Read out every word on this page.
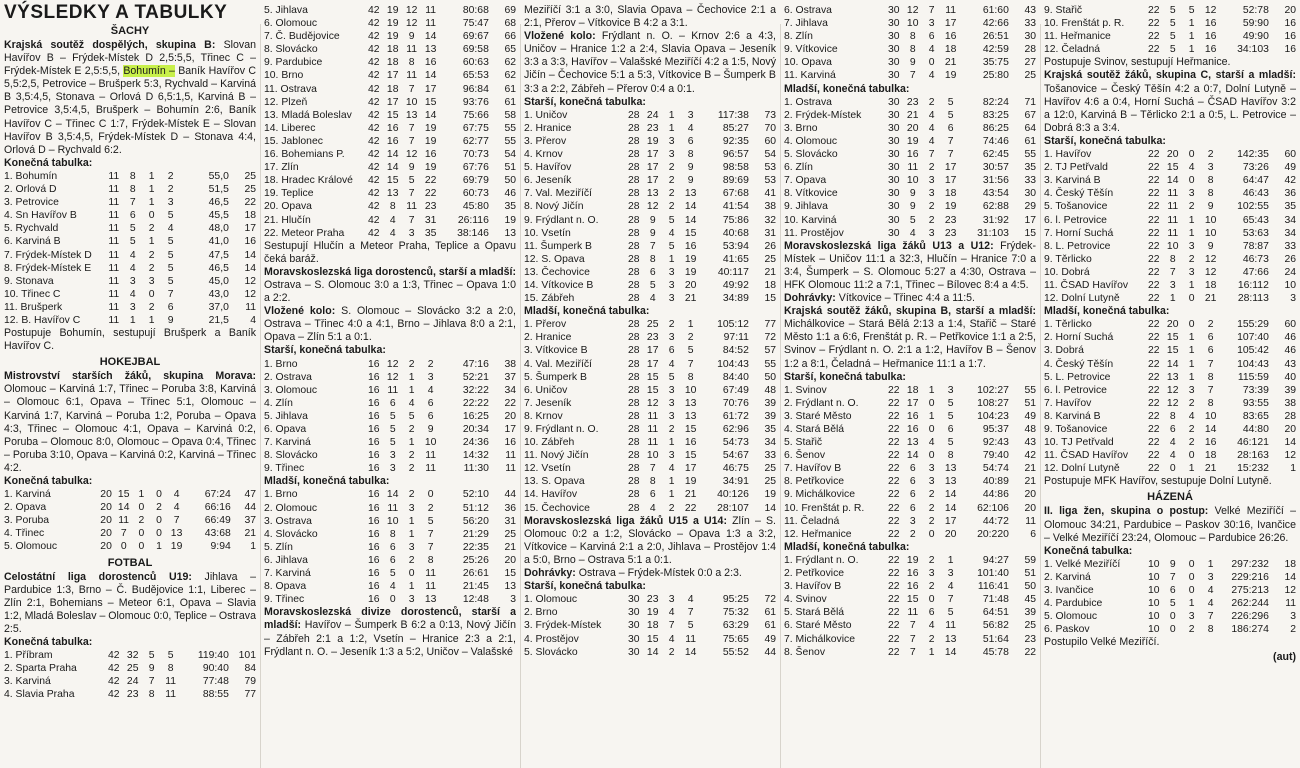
VÝSLEDKY A TABULKY
ŠACHY

Krajská soutěž dospělých, skupina B: Slovan Havířov B – Frýdek-Místek D 2,5:5,5, Třinec C – Frýdek-Místek E 2,5:5,5, Bohumín – Baník Havířov C 5,5:2,5, Petrovice – Brušperk 5:3, Rychvald – Karviná B 3,5:4,5, Stonava – Orlová D 6,5:1,5, Karviná B – Petrovice 3,5:4,5, Brušperk – Bohumín 2:6, Baník Havířov C – Třinec C 1:7, Frýdek-Místek E – Slovan Havířov B 3,5:4,5, Frýdek-Místek D – Stonava 4:4, Orlová D – Rychvald 6:2.

Konečná tabulka:

1. Bohumín	11	8	1	2	55,0	25
2. Orlová D	11	8	1	2	51,5	25
3. Petrovice	11	7	1	3	46,5	22
4. Sn Havířov B	11	6	0	5	45,5	18
5. Rychvald	11	5	2	4	48,0	17
6. Karviná B	11	5	1	5	41,0	16
7. Frýdek-Místek D	11	4	2	5	47,5	14
8. Frýdek-Místek E	11	4	2	5	46,5	14
9. Stonava	11	3	3	5	45,0	12
10. Třinec C	11	4	0	7	43,0	12
11. Brušperk	11	3	2	6	37,0	11
12. B. Havířov C	11	1	1	9	21,5	4

Postupuje Bohumín, sestupují Brušperk a Baník Havířov C.

HOKEJBAL

Mistrovství starších žáků, skupina Morava: Olomouc – Karviná 1:7, Třinec – Poruba 3:8, Karviná – Olomouc 6:1, Opava – Třinec 5:1, Olomouc – Karviná 1:7, Karviná – Poruba 1:2, Poruba – Opava 4:3, Třinec – Olomouc 4:1, Opava – Karviná 0:2, Poruba – Olomouc 8:0, Olomouc – Opava 0:4, Třinec – Poruba 3:10, Opava – Karviná 0:2, Karviná – Třinec 4:2.

Konečná tabulka:

1. Karviná	20	15	1	0	4	67:24	47
2. Opava	20	14	0	2	4	66:16	44
3. Poruba	20	11	2	0	7	66:49	37
4. Třinec	20	7	0	0	13	43:68	21
5. Olomouc	20	0	0	1	19	9:94	1
FOTBAL

Celostátní liga dorostenců U19: Jihlava – Pardubice 1:3, Brno – Č. Budějovice 1:1, Liberec – Zlín 2:1, Bohemians – Meteor 6:1, Opava – Slavia 1:2, Mladá Boleslav – Olomouc 0:0, Teplice – Ostrava 2:5.

Konečná tabulka:

1. Příbram	42	32	5	5	119:40	101
2. Sparta Praha	42	25	9	8	90:40	84
3. Karviná	42	24	7	11	77:48	79
4. Slavia Praha	42	23	8	11	88:55	77
5. Jihlava	42	19	12	11	80:68	69
6. Olomouc	42	19	12	11	75:47	68
7. Č. Budějovice	42	19	9	14	69:67	66
8. Slovácko	42	18	11	13	69:58	65
9. Pardubice	42	18	8	16	60:63	62
10. Brno	42	17	11	14	65:53	62
11. Ostrava	42	18	7	17	96:84	61
12. Plzeň	42	17	10	15	93:76	61
13. Mladá Boleslav	42	15	13	14	75:66	58
14. Liberec	42	16	7	19	67:75	55
15. Jablonec	42	16	7	19	62:77	55
16. Bohemians P.	42	14	12	16	70:73	54
17. Zlín	42	14	9	19	67:76	51
18. Hradec Králové	42	15	5	22	69:79	50
19. Teplice	42	13	7	22	60:73	46
20. Opava	42	8	11	23	45:80	35
21. Hlučín	42	4	7	31	26:116	19
22. Meteor Praha	42	4	3	35	38:146	13

Sestupují Hlučín a Meteor Praha, Teplice a Opavu čeká baráž.

Moravskoslezská liga dorostenců, starší a mladší: Ostrava – S. Olomouc 3:0 a 1:3, Třinec – Opava 1:0 a 2:2.

Vložené kolo: S. Olomouc – Slovácko 3:2 a 2:0, Ostrava – Třinec 4:0 a 4:1, Brno – Jihlava 8:0 a 2:1, Opava – Zlín 5:1 a 0:1.

Starší, konečná tabulka:

1. Brno	16	12	2	2	47:16	38
2. Ostrava	16	12	1	3	52:21	37
3. Olomouc	16	11	1	4	32:22	34
4. Zlín	16	6	4	6	22:22	22
5. Jihlava	16	5	5	6	16:25	20
6. Opava	16	5	2	9	20:34	17
7. Karviná	16	5	1	10	24:36	16
8. Slovácko	16	3	2	11	14:32	11
9. Třinec	16	3	2	11	11:30	11

Mladší, konečná tabulka:

1. Brno	16	14	2	0	52:10	44
2. Olomouc	16	11	3	2	51:12	36
3. Ostrava	16	10	1	5	56:20	31
4. Slovácko	16	8	1	7	21:29	25
5. Zlín	16	6	3	7	22:35	21
6. Jihlava	16	6	2	8	25:26	20
7. Karviná	16	5	0	11	26:61	15
8. Opava	16	4	1	11	21:45	13
9. Třinec	16	0	3	13	12:48	3

Moravskoslezská divize dorostenců, starší a mladší: Havířov – Šumperk B 6:2 a 0:13, Nový Jičín – Zábřeh 2:1 a 1:2, Vsetín – Hranice 2:3 a 2:1, Frýdlant n. O. – Jeseník 1:3 a 5:2, Uničov – Valašské

Meziříčí 3:1 a 3:0, Slavia Opava – Čechovice 2:1 a 2:1, Přerov – Vítkovice B 4:2 a 3:1.

Vložené kolo: Frýdlant n. O. – Krnov 2:6 a 4:3, Uničov – Hranice 1:2 a 2:4, Slavia Opava – Jeseník 3:3 a 3:3, Havířov – Valašské Meziříčí 4:2 a 1:5, Nový Jičín – Čechovice 5:1 a 5:3, Vítkovice B – Šumperk B 3:3 a 2:2, Zábřeh – Přerov 0:4 a 0:1.

Starší, konečná tabulka:

1. Uničov	28	24	1	3	117:38	73
2. Hranice	28	23	1	4	85:27	70
3. Přerov	28	19	3	6	92:35	60
4. Krnov	28	17	3	8	96:57	54
5. Havířov	28	17	2	9	98:58	53
6. Jeseník	28	17	2	9	89:69	53
7. Val. Meziříčí	28	13	2	13	67:68	41
8. Nový Jičín	28	12	2	14	41:54	38
9. Frýdlant n. O.	28	9	5	14	75:86	32
10. Vsetín	28	9	4	15	40:68	31
11. Šumperk B	28	7	5	16	53:94	26
12. S. Opava	28	8	1	19	41:65	25
13. Čechovice	28	6	3	19	40:117	21
14. Vítkovice B	28	5	3	20	49:92	18
15. Zábřeh	28	4	3	21	34:89	15

Mladší, konečná tabulka:

1. Přerov	28	25	2	1	105:12	77
2. Hranice	28	23	3	2	97:11	72
3. Vítkovice B	28	17	6	5	84:52	57
4. Val. Meziříčí	28	17	4	7	104:43	55
5. Šumperk B	28	15	5	8	84:40	50
6. Uničov	28	15	3	10	67:49	48
7. Jeseník	28	12	3	13	70:76	39
8. Krnov	28	11	3	13	61:72	39
9. Frýdlant n. O.	28	11	2	15	62:96	35
10. Zábřeh	28	11	1	16	54:73	34
11. Nový Jičín	28	10	3	15	54:67	33
12. Vsetín	28	7	4	17	46:75	25
13. S. Opava	28	8	1	19	34:91	25
14. Havířov	28	6	1	21	40:126	19
15. Čechovice	28	4	2	22	28:107	14

Moravskoslezská liga žáků U15 a U14: Zlín – S. Olomouc 0:2 a 1:2, Slovácko – Opava 1:3 a 3:2, Vítkovice – Karviná 2:1 a 2:0, Jihlava – Prostějov 1:4 a 5:0, Brno – Ostrava 5:1 a 0:1.

Dohrávky: Ostrava – Frýdek-Místek 0:0 a 2:3.

Starší, konečná tabulka:

1. Olomouc	30	23	3	4	95:25	72
2. Brno	30	19	4	7	75:32	61
3. Frýdek-Místek	30	18	7	5	63:29	61
4. Prostějov	30	15	4	11	75:65	49
5. Slovácko	30	14	2	14	55:52	44
6. Ostrava	30	12	7	11	61:60	43
7. Jihlava	30	10	3	17	42:66	33
8. Zlín	30	8	6	16	26:51	30
9. Vítkovice	30	8	4	18	42:59	28
10. Opava	30	9	0	21	35:75	27
11. Karviná	30	7	4	19	25:80	25

Mladší, konečná tabulka:

1. Ostrava	30	23	2	5	82:24	71
2. Frýdek-Místek	30	21	4	5	83:25	67
3. Brno	30	20	4	6	86:25	64
4. Olomouc	30	19	4	7	74:46	61
5. Slovácko	30	16	7	7	62:45	55
6. Zlín	30	11	2	17	30:57	35
7. Opava	30	10	3	17	31:56	33
8. Vítkovice	30	9	3	18	43:54	30
9. Jihlava	30	9	2	19	62:88	29
10. Karviná	30	5	2	23	31:92	17
11. Prostějov	30	4	3	23	31:103	15

Moravskoslezská liga žáků U13 a U12: Frýdek-Místek – Uničov 11:1 a 32:3, Hlučín – Hranice 7:0 a 3:4, Šumperk – S. Olomouc 5:27 a 4:30, Ostrava – HFK Olomouc 11:2 a 7:1, Třinec – Bílovec 8:4 a 4:5.

Dohrávky: Vítkovice – Třinec 4:4 a 11:5.

Krajská soutěž žáků, skupina B, starší a mladší: Michálkovice – Stará Bělá 2:13 a 1:4, Stařič – Staré Město 1:1 a 6:6, Frenštát p. R. – Petřkovice 1:1 a 2:5, Svinov – Frýdlant n. O. 2:1 a 1:2, Havířov B – Šenov 1:2 a 8:1, Čeladná – Heřmanice 11:1 a 1:7.

Starší, konečná tabulka:

1. Svinov	22	18	1	3	102:27	55
2. Frýdlant n. O.	22	17	0	5	108:27	51
3. Staré Město	22	16	1	5	104:23	49
4. Stará Bělá	22	16	0	6	95:37	48
5. Stařič	22	13	4	5	92:43	43
6. Šenov	22	14	0	8	79:40	42
7. Havířov B	22	6	3	13	54:74	21
8. Petřkovice	22	6	3	13	40:89	21
9. Michálkovice	22	6	2	14	44:86	20
10. Frenštát p. R.	22	6	2	14	62:106	20
11. Čeladná	22	3	2	17	44:72	11
12. Heřmanice	22	2	0	20	20:220	6

Mladší, konečná tabulka:

1. Frýdlant n. O.	22	19	2	1	94:27	59
2. Petřkovice	22	16	3	3	101:40	51
3. Havířov B	22	16	2	4	116:41	50
4. Svinov	22	15	0	7	71:48	45
5. Stará Bělá	22	11	6	5	64:51	39
6. Staré Město	22	7	4	11	56:82	25
7. Michálkovice	22	7	2	13	51:64	23
8. Šenov	22	7	1	14	45:78	22
9. Stařič	22	5	5	12	52:78	20
10. Frenštát p. R.	22	5	1	16	59:90	16
11. Heřmanice	22	5	1	16	49:90	16
12. Čeladná	22	5	1	16	34:103	16

Postupuje Svinov, sestupují Heřmanice.

Krajská soutěž žáků, skupina C, starší a mladší: Tošanovice – Český Těšín 4:2 a 0:7, Dolní Lutyně – Havířov 4:6 a 0:4, Horní Suchá – ČSAD Havířov 3:2 a 12:0, Karviná B – Těrlicko 2:1 a 0:5, L. Petrovice – Dobrá 8:3 a 3:4.

Starší, konečná tabulka:

1. Havířov	22	20	0	2	142:35	60
2. TJ Petřvald	22	15	4	3	73:26	49
3. Karviná B	22	14	0	8	64:47	42
4. Český Těšín	22	11	3	8	46:43	36
5. Tošanovice	22	11	2	9	102:55	35
6. l. Petrovice	22	11	1	10	65:43	34
7. Horní Suchá	22	11	1	10	53:63	34
8. L. Petrovice	22	10	3	9	78:87	33
9. Těrlicko	22	8	2	12	46:73	26
10. Dobrá	22	7	3	12	47:66	24
11. ČSAD Havířov	22	3	1	18	16:112	10
12. Dolní Lutyně	22	1	0	21	28:113	3

Mladší, konečná tabulka:

1. Těrlicko	22	20	0	2	155:29	60
2. Horní Suchá	22	15	1	6	107:40	46
3. Dobrá	22	15	1	6	105:42	46
4. Český Těšín	22	14	1	7	104:43	43
5. L. Petrovice	22	13	1	8	115:59	40
6. l. Petrovice	22	12	3	7	73:39	39
7. Havířov	22	12	2	8	93:55	38
8. Karviná B	22	8	4	10	83:65	28
9. Tošanovice	22	6	2	14	44:80	20
10. TJ Petřvald	22	4	2	16	46:121	14
11. ČSAD Havířov	22	4	0	18	28:163	12
12. Dolní Lutyně	22	0	1	21	15:232	1

Postupuje MFK Havířov, sestupuje Dolní Lutyně.

HÁZENÁ

II. liga žen, skupina o postup: Velké Meziříčí – Olomouc 34:21, Pardubice – Paskov 30:16, Ivančice – Velké Meziříčí 23:24, Olomouc – Pardubice 26:26.

Konečná tabulka:

1. Velké Meziříčí	10	9	0	1	297:232	18
2. Karviná	10	7	0	3	229:216	14
3. Ivančice	10	6	0	4	275:213	12
4. Pardubice	10	5	1	4	262:244	11
5. Olomouc	10	0	3	7	226:296	3
6. Paskov	10	0	2	8	186:274	2

Postupilo Velké Meziříčí.

(aut)
